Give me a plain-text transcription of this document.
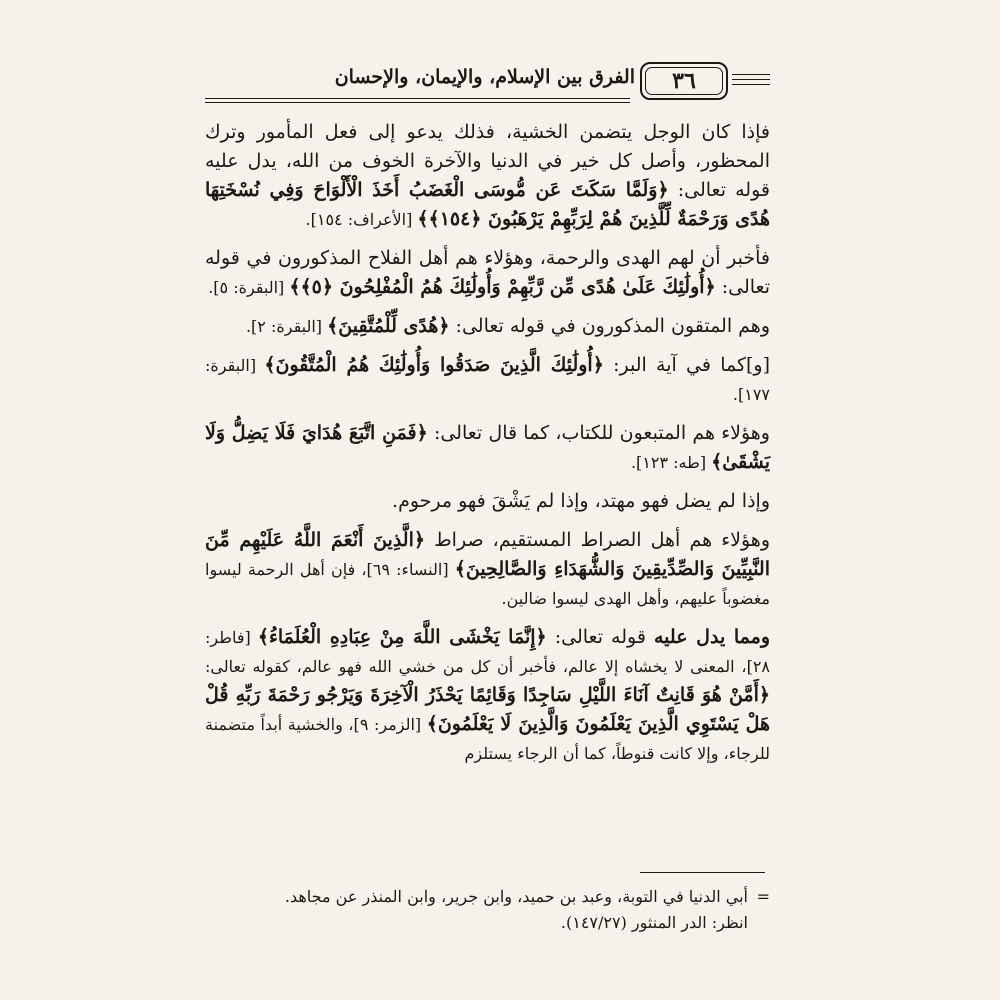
الفرق بين الإسلام، والإيمان، والإحسان	٣٦

فإذا كان الوجل يتضمن الخشية، فذلك يدعو إلى فعل المأمور وترك المحظور، وأصل كل خير في الدنيا والآخرة الخوف من الله، يدل عليه قوله تعالى: ﴿وَلَمَّا سَكَتَ عَن مُّوسَى الْغَضَبُ أَخَذَ الْأَلْوَاحَ وَفِي نُسْخَتِهَا هُدًى وَرَحْمَةٌ لِّلَّذِينَ هُمْ لِرَبِّهِمْ يَرْهَبُونَ ﴿١٥٤﴾﴾ [الأعراف: ١٥٤].

فأخبر أن لهم الهدى والرحمة، وهؤلاء هم أهل الفلاح المذكورون في قوله تعالى: ﴿أُولَٰئِكَ عَلَىٰ هُدًى مِّن رَّبِّهِمْ وَأُولَٰئِكَ هُمُ الْمُفْلِحُونَ ﴿٥﴾﴾ [البقرة: ٥].

وهم المتقون المذكورون في قوله تعالى: ﴿هُدًى لِّلْمُتَّقِينَ﴾ [البقرة: ٢].

[و]كما في آية البر: ﴿أُولَٰئِكَ الَّذِينَ صَدَقُوا وَأُولَٰئِكَ هُمُ الْمُتَّقُونَ﴾ [البقرة: ١٧٧].

وهؤلاء هم المتبعون للكتاب، كما قال تعالى: ﴿فَمَنِ اتَّبَعَ هُدَايَ فَلَا يَضِلُّ وَلَا يَشْقَىٰ﴾ [طه: ١٢٣].

وإذا لم يضل فهو مهتد، وإذا لم يَشْقَ فهو مرحوم.

وهؤلاء هم أهل الصراط المستقيم، صراط ﴿الَّذِينَ أَنْعَمَ اللَّهُ عَلَيْهِم مِّنَ النَّبِيِّينَ وَالصِّدِّيقِينَ وَالشُّهَدَاءِ وَالصَّالِحِينَ﴾ [النساء: ٦٩]، فإن أهل الرحمة ليسوا مغضوباً عليهم، وأهل الهدى ليسوا ضالين.

ومما يدل عليه قوله تعالى: ﴿إِنَّمَا يَخْشَى اللَّهَ مِنْ عِبَادِهِ الْعُلَمَاءُ﴾ [فاطر: ٢٨]، المعنى لا يخشاه إلا عالم، فأخبر أن كل من خشي الله فهو عالم، كقوله تعالى: ﴿أَمَّنْ هُوَ قَانِتٌ آنَاءَ اللَّيْلِ سَاجِدًا وَقَائِمًا يَحْذَرُ الْآخِرَةَ وَيَرْجُو رَحْمَةَ رَبِّهِ قُلْ هَلْ يَسْتَوِي الَّذِينَ يَعْلَمُونَ وَالَّذِينَ لَا يَعْلَمُونَ﴾ [الزمر: ٩]، والخشية أبداً متضمنة للرجاء، وإلا كانت قنوطاً، كما أن الرجاء يستلزم

=
أبي الدنيا في التوبة، وعبد بن حميد، وابن جرير، وابن المنذر عن مجاهد.
انظر: الدر المنثور (١٤٧/٢٧).
